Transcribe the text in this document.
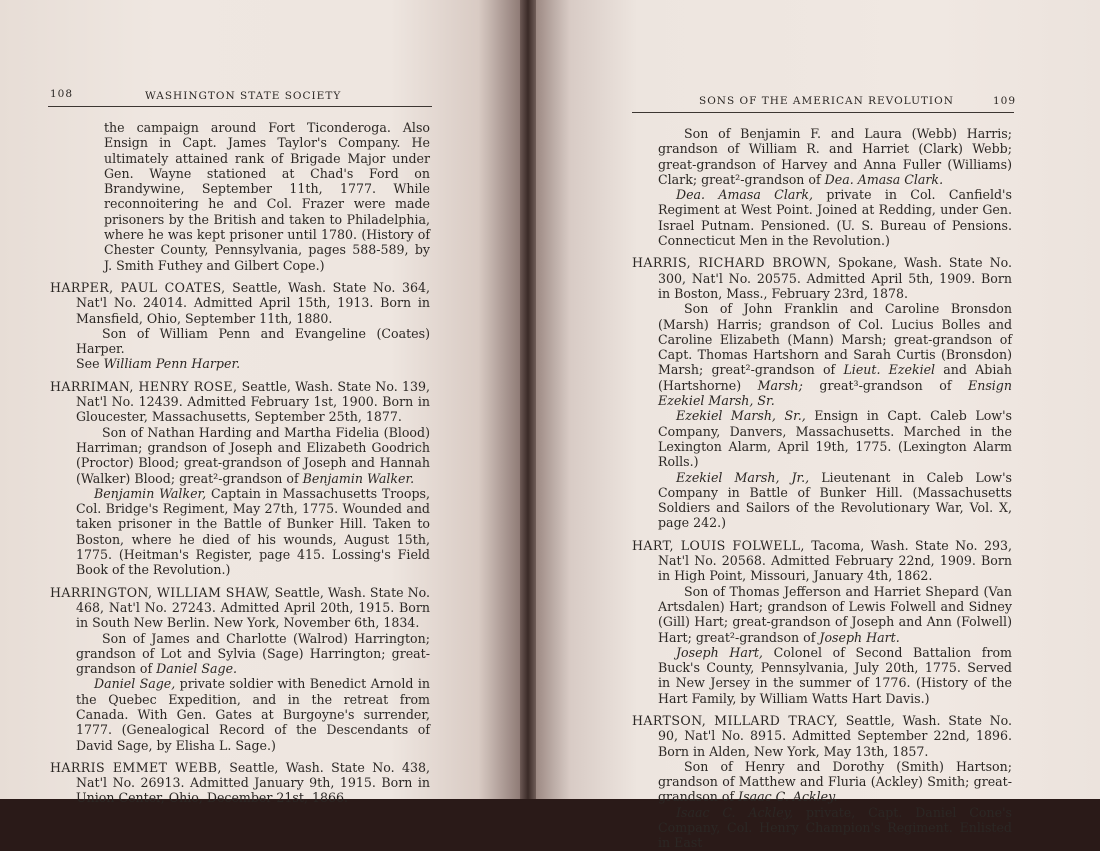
108	WASHINGTON STATE SOCIETY

the campaign around Fort Ticonderoga. Also Ensign in Capt. James Taylor's Company. He ultimately attained rank of Brigade Major under Gen. Wayne stationed at Chad's Ford on Brandywine, September 11th, 1777. While reconnoitering he and Col. Frazer were made prisoners by the British and taken to Philadelphia, where he was kept prisoner until 1780. (History of Chester County, Pennsylvania, pages 588-589, by J. Smith Futhey and Gilbert Cope.)

HARPER, PAUL COATES, Seattle, Wash. State No. 364, Nat'l No. 24014. Admitted April 15th, 1913. Born in Mansfield, Ohio, September 11th, 1880.

Son of William Penn and Evangeline (Coates) Harper.

See William Penn Harper.

HARRIMAN, HENRY ROSE, Seattle, Wash. State No. 139, Nat'l No. 12439. Admitted February 1st, 1900. Born in Gloucester, Massachusetts, September 25th, 1877.

Son of Nathan Harding and Martha Fidelia (Blood) Harriman; grandson of Joseph and Elizabeth Goodrich (Proctor) Blood; great-grandson of Joseph and Hannah (Walker) Blood; great²-grandson of Benjamin Walker.

Benjamin Walker, Captain in Massachusetts Troops, Col. Bridge's Regiment, May 27th, 1775. Wounded and taken prisoner in the Battle of Bunker Hill. Taken to Boston, where he died of his wounds, August 15th, 1775. (Heitman's Register, page 415. Lossing's Field Book of the Revolution.)

HARRINGTON, WILLIAM SHAW, Seattle, Wash. State No. 468, Nat'l No. 27243. Admitted April 20th, 1915. Born in South New Berlin. New York, November 6th, 1834.

Son of James and Charlotte (Walrod) Harrington; grandson of Lot and Sylvia (Sage) Harrington; great-grandson of Daniel Sage.

Daniel Sage, private soldier with Benedict Arnold in the Quebec Expedition, and in the retreat from Canada. With Gen. Gates at Burgoyne's surrender, 1777. (Genealogical Record of the Descendants of David Sage, by Elisha L. Sage.)

HARRIS EMMET WEBB, Seattle, Wash. State No. 438, Nat'l No. 26913. Admitted January 9th, 1915. Born in Union Center, Ohio, December 21st, 1866.

SONS OF THE AMERICAN REVOLUTION	109

Son of Benjamin F. and Laura (Webb) Harris; grandson of William R. and Harriet (Clark) Webb; great-grandson of Harvey and Anna Fuller (Williams) Clark; great²-grandson of Dea. Amasa Clark.

Dea. Amasa Clark, private in Col. Canfield's Regiment at West Point. Joined at Redding, under Gen. Israel Putnam. Pensioned. (U. S. Bureau of Pensions. Connecticut Men in the Revolution.)

HARRIS, RICHARD BROWN, Spokane, Wash. State No. 300, Nat'l No. 20575. Admitted April 5th, 1909. Born in Boston, Mass., February 23rd, 1878.

Son of John Franklin and Caroline Bronsdon (Marsh) Harris; grandson of Col. Lucius Bolles and Caroline Elizabeth (Mann) Marsh; great-grandson of Capt. Thomas Hartshorn and Sarah Curtis (Bronsdon) Marsh; great²-grandson of Lieut. Ezekiel and Abiah (Hartshorne) Marsh; great³-grandson of Ensign Ezekiel Marsh, Sr.

Ezekiel Marsh, Sr., Ensign in Capt. Caleb Low's Company, Danvers, Massachusetts. Marched in the Lexington Alarm, April 19th, 1775. (Lexington Alarm Rolls.)

Ezekiel Marsh, Jr., Lieutenant in Caleb Low's Company in Battle of Bunker Hill. (Massachusetts Soldiers and Sailors of the Revolutionary War, Vol. X, page 242.)

HART, LOUIS FOLWELL, Tacoma, Wash. State No. 293, Nat'l No. 20568. Admitted February 22nd, 1909. Born in High Point, Missouri, January 4th, 1862.

Son of Thomas Jefferson and Harriet Shepard (Van Artsdalen) Hart; grandson of Lewis Folwell and Sidney (Gill) Hart; great-grandson of Joseph and Ann (Folwell) Hart; great²-grandson of Joseph Hart.

Joseph Hart, Colonel of Second Battalion from Buck's County, Pennsylvania, July 20th, 1775. Served in New Jersey in the summer of 1776. (History of the Hart Family, by William Watts Hart Davis.)

HARTSON, MILLARD TRACY, Seattle, Wash. State No. 90, Nat'l No. 8915. Admitted September 22nd, 1896. Born in Alden, New York, May 13th, 1857.

Son of Henry and Dorothy (Smith) Hartson; grandson of Matthew and Fluria (Ackley) Smith; great-grandson of Isaac C. Ackley.

Isaac C. Ackley, private, Capt. Daniel Cone's Company, Col. Henry Champion's Regiment. Enlisted in East
